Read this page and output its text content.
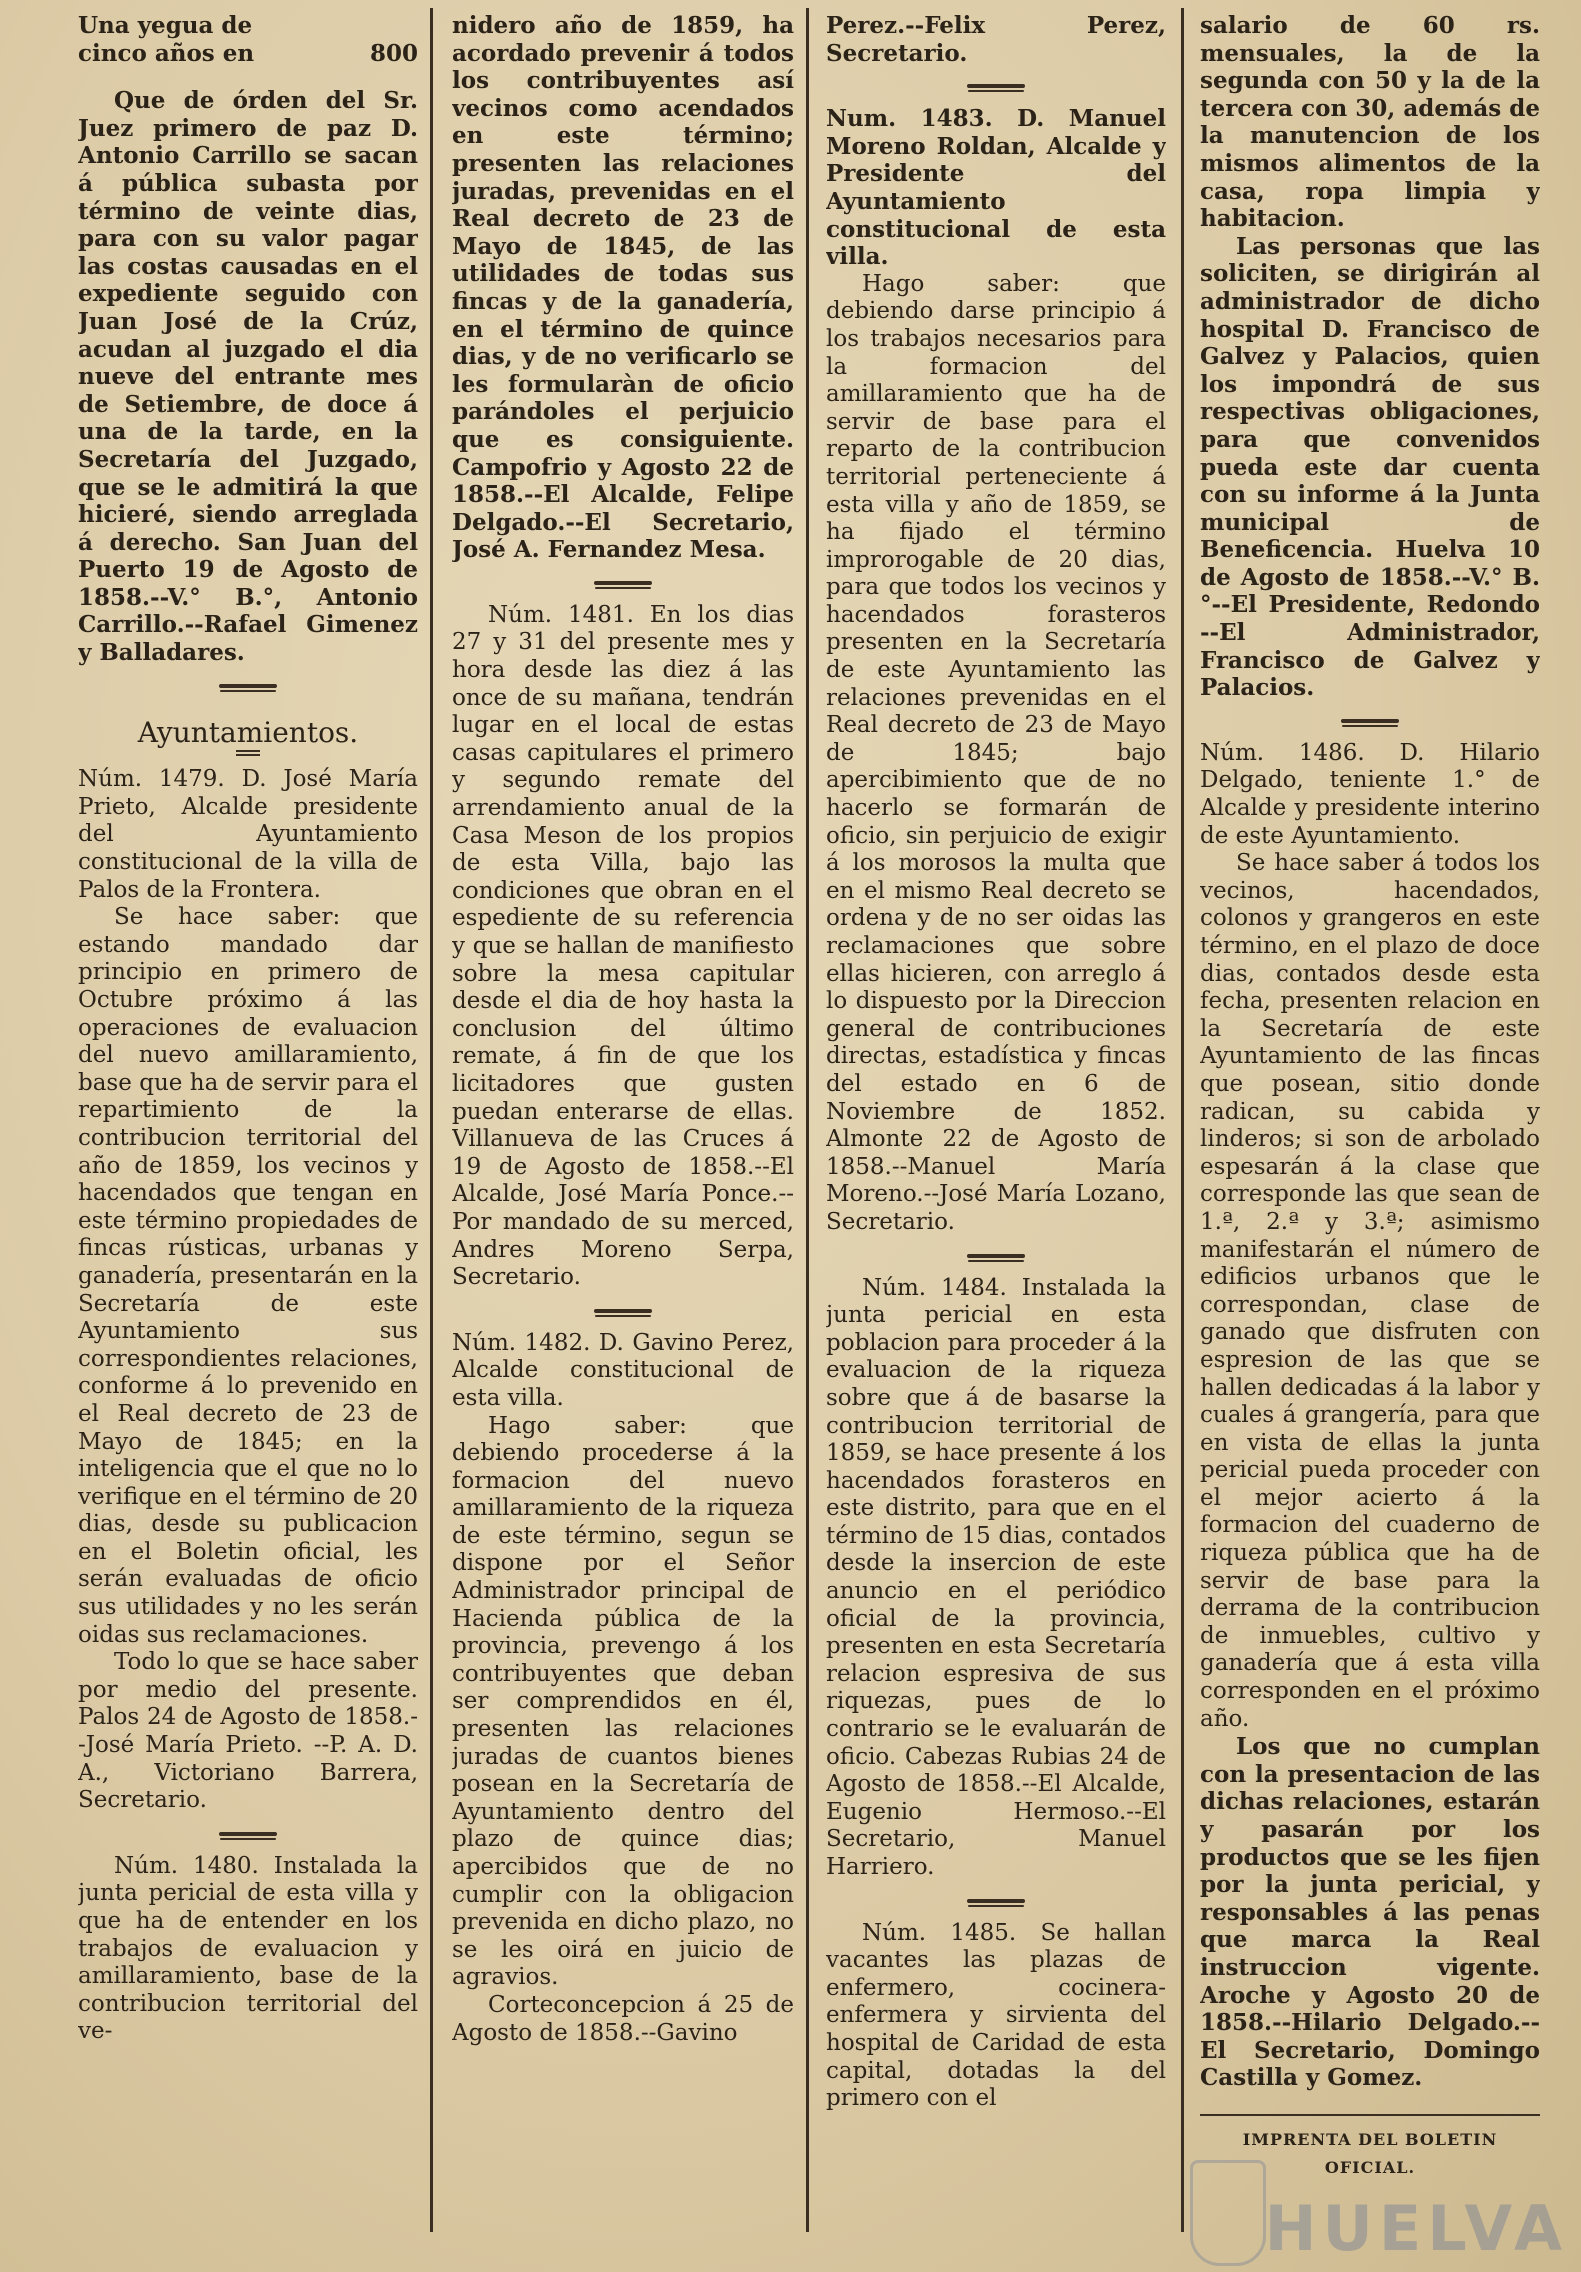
Una yegua de cinco años en	800

Que de órden del Sr. Juez primero de paz D. Antonio Carrillo se sacan á pública subasta por término de veinte dias, para con su valor pagar las costas causadas en el expediente seguido con Juan José de la Crúz, acudan al juzgado el dia nueve del entrante mes de Setiembre, de doce á una de la tarde, en la Secretaría del Juzgado, que se le admitirá la que hicieré, siendo arreglada á derecho. San Juan del Puerto 19 de Agosto de 1858.--V.° B.°, Antonio Carrillo.--Rafael Gimenez y Balladares.

Ayuntamientos.

Núm. 1479. D. José María Prieto, Alcalde presidente del Ayuntamiento constitucional de la villa de Palos de la Frontera.

Se hace saber: que estando mandado dar principio en primero de Octubre próximo á las operaciones de evaluacion del nuevo amillaramiento, base que ha de servir para el repartimiento de la contribucion territorial del año de 1859, los vecinos y hacendados que tengan en este término propiedades de fincas rústicas, urbanas y ganadería, presentarán en la Secretaría de este Ayuntamiento sus correspondientes relaciones, conforme á lo prevenido en el Real decreto de 23 de Mayo de 1845; en la inteligencia que el que no lo verifique en el término de 20 dias, desde su publicacion en el Boletin oficial, les serán evaluadas de oficio sus utilidades y no les serán oidas sus reclamaciones.

Todo lo que se hace saber por medio del presente. Palos 24 de Agosto de 1858.--José María Prieto. --P. A. D. A., Victoriano Barrera, Secretario.

Núm. 1480. Instalada la junta pericial de esta villa y que ha de entender en los trabajos de evaluacion y amillaramiento, base de la contribucion territorial del ve-

nidero año de 1859, ha acordado prevenir á todos los contribuyentes así vecinos como acendados en este término; presenten las relaciones juradas, prevenidas en el Real decreto de 23 de Mayo de 1845, de las utilidades de todas sus fincas y de la ganadería, en el término de quince dias, y de no verificarlo se les formularàn de oficio parándoles el perjuicio que es consiguiente. Campofrio y Agosto 22 de 1858.--El Alcalde, Felipe Delgado.--El Secretario, José A. Fernandez Mesa.

Núm. 1481. En los dias 27 y 31 del presente mes y hora desde las diez á las once de su mañana, tendrán lugar en el local de estas casas capitulares el primero y segundo remate del arrendamiento anual de la Casa Meson de los propios de esta Villa, bajo las condiciones que obran en el espediente de su referencia y que se hallan de manifiesto sobre la mesa capitular desde el dia de hoy hasta la conclusion del último remate, á fin de que los licitadores que gusten puedan enterarse de ellas. Villanueva de las Cruces á 19 de Agosto de 1858.--El Alcalde, José María Ponce.--Por mandado de su merced, Andres Moreno Serpa, Secretario.

Núm. 1482. D. Gavino Perez, Alcalde constitucional de esta villa.

Hago saber: que debiendo procederse á la formacion del nuevo amillaramiento de la riqueza de este término, segun se dispone por el Señor Administrador principal de Hacienda pública de la provincia, prevengo á los contribuyentes que deban ser comprendidos en él, presenten las relaciones juradas de cuantos bienes posean en la Secretaría de Ayuntamiento dentro del plazo de quince dias; apercibidos que de no cumplir con la obligacion prevenida en dicho plazo, no se les oirá en juicio de agravios.

Corteconcepcion á 25 de Agosto de 1858.--Gavino

Perez.--Felix Perez, Secretario.

Num. 1483. D. Manuel Moreno Roldan, Alcalde y Presidente del Ayuntamiento constitucional de esta villa.

Hago saber: que debiendo darse principio á los trabajos necesarios para la formacion del amillaramiento que ha de servir de base para el reparto de la contribucion territorial perteneciente á esta villa y año de 1859, se ha fijado el término improrogable de 20 dias, para que todos los vecinos y hacendados forasteros presenten en la Secretaría de este Ayuntamiento las relaciones prevenidas en el Real decreto de 23 de Mayo de 1845; bajo apercibimiento que de no hacerlo se formarán de oficio, sin perjuicio de exigir á los morosos la multa que en el mismo Real decreto se ordena y de no ser oidas las reclamaciones que sobre ellas hicieren, con arreglo á lo dispuesto por la Direccion general de contribuciones directas, estadística y fincas del estado en 6 de Noviembre de 1852. Almonte 22 de Agosto de 1858.--Manuel María Moreno.--José María Lozano, Secretario.

Núm. 1484. Instalada la junta pericial en esta poblacion para proceder á la evaluacion de la riqueza sobre que á de basarse la contribucion territorial de 1859, se hace presente á los hacendados forasteros en este distrito, para que en el término de 15 dias, contados desde la insercion de este anuncio en el periódico oficial de la provincia, presenten en esta Secretaría relacion espresiva de sus riquezas, pues de lo contrario se le evaluarán de oficio. Cabezas Rubias 24 de Agosto de 1858.--El Alcalde, Eugenio Hermoso.--El Secretario, Manuel Harriero.

Núm. 1485. Se hallan vacantes las plazas de enfermero, cocinera-enfermera y sirvienta del hospital de Caridad de esta capital, dotadas la del primero con el

salario de 60 rs. mensuales, la de la segunda con 50 y la de la tercera con 30, además de la manutencion de los mismos alimentos de la casa, ropa limpia y habitacion.

Las personas que las soliciten, se dirigirán al administrador de dicho hospital D. Francisco de Galvez y Palacios, quien los impondrá de sus respectivas obligaciones, para que convenidos pueda este dar cuenta con su informe á la Junta municipal de Beneficencia. Huelva 10 de Agosto de 1858.--V.° B.°--El Presidente, Redondo --El Administrador, Francisco de Galvez y Palacios.

Núm. 1486. D. Hilario Delgado, teniente 1.° de Alcalde y presidente interino de este Ayuntamiento.

Se hace saber á todos los vecinos, hacendados, colonos y grangeros en este término, en el plazo de doce dias, contados desde esta fecha, presenten relacion en la Secretaría de este Ayuntamiento de las fincas que posean, sitio donde radican, su cabida y linderos; si son de arbolado espesarán á la clase que corresponde las que sean de 1.ª, 2.ª y 3.ª; asimismo manifestarán el número de edificios urbanos que le correspondan, clase de ganado que disfruten con espresion de las que se hallen dedicadas á la labor y cuales á grangería, para que en vista de ellas la junta pericial pueda proceder con el mejor acierto á la formacion del cuaderno de riqueza pública que ha de servir de base para la derrama de la contribucion de inmuebles, cultivo y ganadería que á esta villa corresponden en el próximo año.

Los que no cumplan con la presentacion de las dichas relaciones, estarán y pasarán por los productos que se les fijen por la junta pericial, y responsables á las penas que marca la Real instruccion vigente. Aroche y Agosto 20 de 1858.--Hilario Delgado.--El Secretario, Domingo Castilla y Gomez.

IMPRENTA DEL BOLETIN OFICIAL.
HUELVA
